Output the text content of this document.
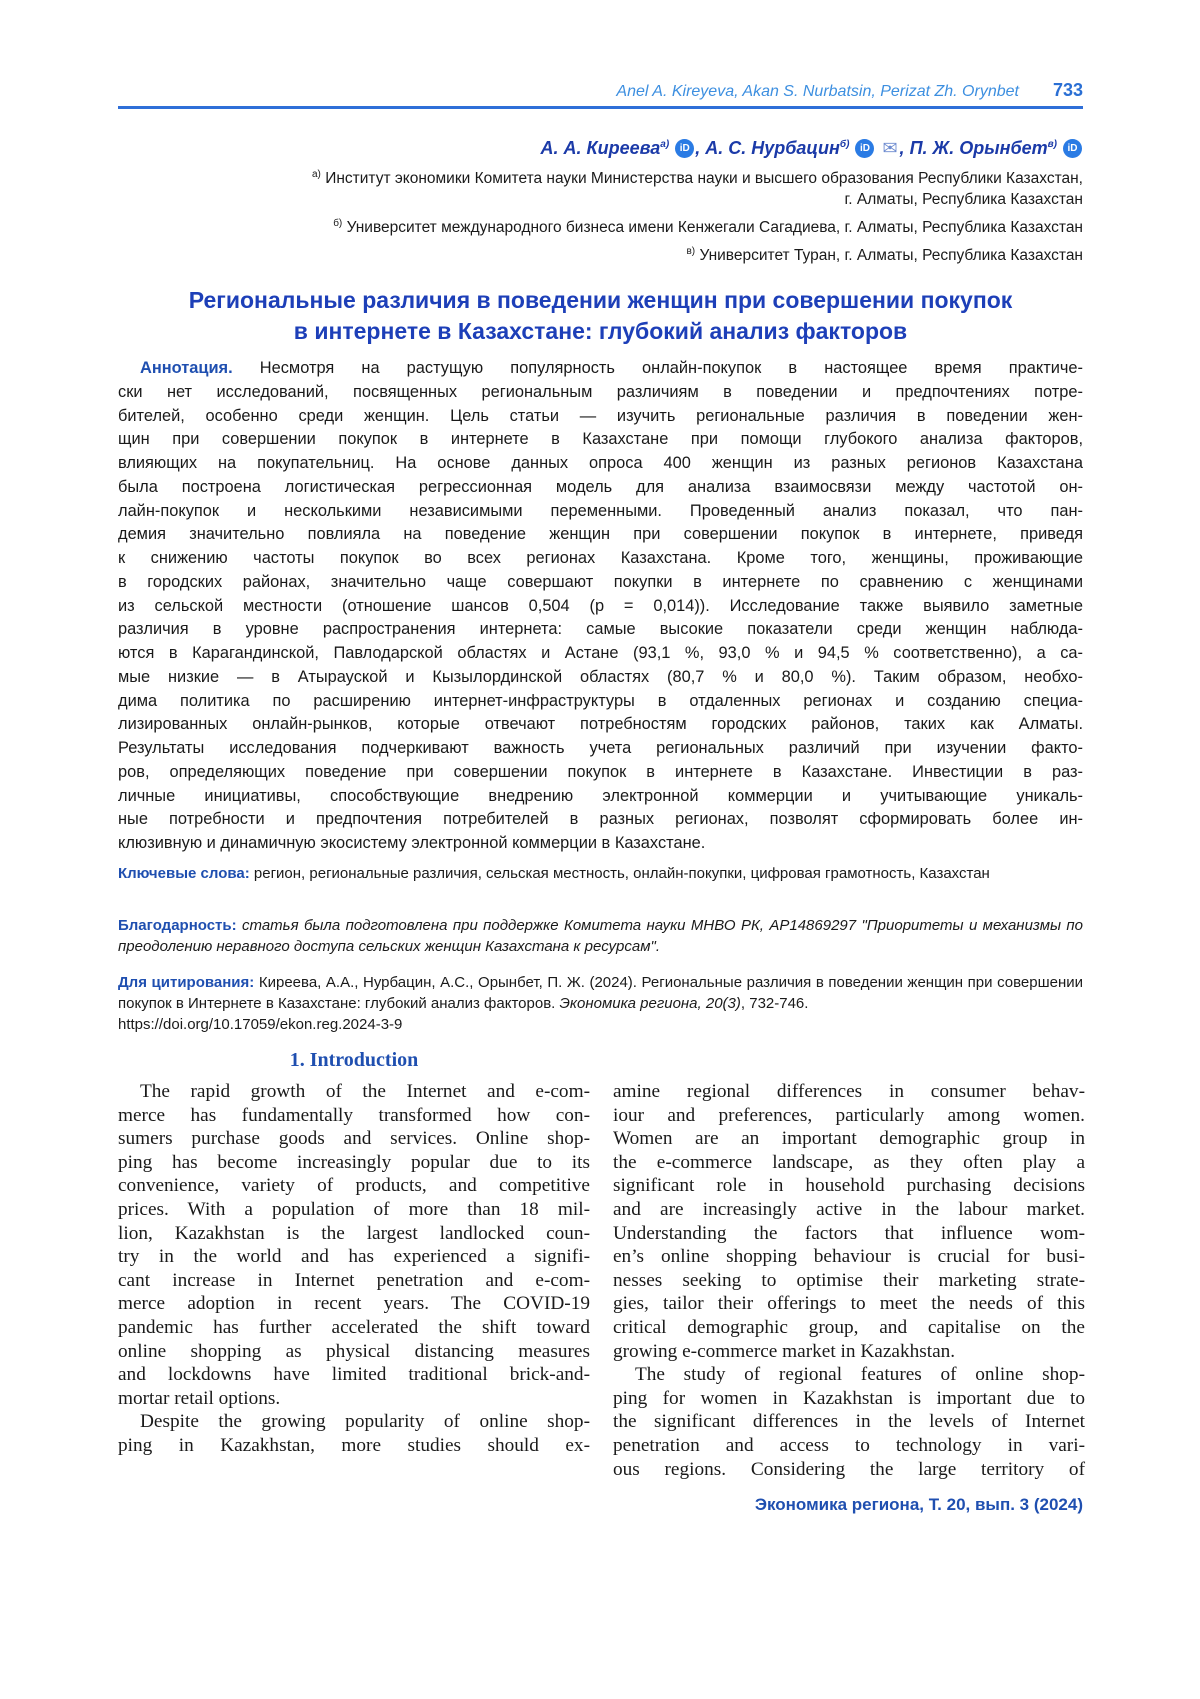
Anel A. Kireyeva, Akan S. Nurbatsin, Perizat Zh. Orynbet 733
А. А. Кирееваа) iD , А. С. Нурбацинб) iD ✉ , П. Ж. Орынбетв) iD
а) Институт экономики Комитета науки Министерства науки и высшего образования Республики Казахстан,
г. Алматы, Республика Казахстан
б) Университет международного бизнеса имени Кенжегали Сагадиева, г. Алматы, Республика Казахстан
в) Университет Туран, г. Алматы, Республика Казахстан
Региональные различия в поведении женщин при совершении покупок
в интернете в Казахстане: глубокий анализ факторов
Аннотация. Несмотря на растущую популярность онлайн-покупок в настоящее время практиче-
ски нет исследований, посвященных региональным различиям в поведении и предпочтениях потре-
бителей, особенно среди женщин. Цель статьи — изучить региональные различия в поведении жен-
щин при совершении покупок в интернете в Казахстане при помощи глубокого анализа факторов,
влияющих на покупательниц. На основе данных опроса 400 женщин из разных регионов Казахстана
была построена логистическая регрессионная модель для анализа взаимосвязи между частотой он-
лайн-покупок и несколькими независимыми переменными. Проведенный анализ показал, что пан-
демия значительно повлияла на поведение женщин при совершении покупок в интернете, приведя
к снижению частоты покупок во всех регионах Казахстана. Кроме того, женщины, проживающие
в городских районах, значительно чаще совершают покупки в интернете по сравнению с женщинами
из сельской местности (отношение шансов 0,504 (p = 0,014)). Исследование также выявило заметные
различия в уровне распространения интернета: самые высокие показатели среди женщин наблюда-
ются в Карагандинской, Павлодарской областях и Астане (93,1 %, 93,0 % и 94,5 % соответственно), а са-
мые низкие — в Атырауской и Кызылординской областях (80,7 % и 80,0 %). Таким образом, необхо-
дима политика по расширению интернет-инфраструктуры в отдаленных регионах и созданию специа-
лизированных онлайн-рынков, которые отвечают потребностям городских районов, таких как Алматы.
Результаты исследования подчеркивают важность учета региональных различий при изучении факто-
ров, определяющих поведение при совершении покупок в интернете в Казахстане. Инвестиции в раз-
личные инициативы, способствующие внедрению электронной коммерции и учитывающие уникаль-
ные потребности и предпочтения потребителей в разных регионах, позволят сформировать более ин-
клюзивную и динамичную экосистему электронной коммерции в Казахстане.
Ключевые слова: регион, региональные различия, сельская местность, онлайн-покупки, цифровая грамотность, Казахстан
Благодарность: статья была подготовлена при поддержке Комитета науки МНВО РК, AP14869297 "Приоритеты и механизмы по преодолению неравного доступа сельских женщин Казахстана к ресурсам".
Для цитирования: Киреева, А.А., Нурбацин, А.С., Орынбет, П. Ж. (2024). Региональные различия в поведении женщин при совершении покупок в Интернете в Казахстане: глубокий анализ факторов. Экономика региона, 20(3), 732-746.
https://doi.org/10.17059/ekon.reg.2024-3-9
1. Introduction
The rapid growth of the Internet and e-com-
merce has fundamentally transformed how con-
sumers purchase goods and services. Online shop-
ping has become increasingly popular due to its
convenience, variety of products, and competitive
prices. With a population of more than 18 mil-
lion, Kazakhstan is the largest landlocked coun-
try in the world and has experienced a signifi-
cant increase in Internet penetration and e-com-
merce adoption in recent years. The COVID-19
pandemic has further accelerated the shift toward
online shopping as physical distancing measures
and lockdowns have limited traditional brick-and-
mortar retail options.
Despite the growing popularity of online shop-
ping in Kazakhstan, more studies should ex-
amine regional differences in consumer behav-
iour and preferences, particularly among women.
Women are an important demographic group in
the e-commerce landscape, as they often play a
significant role in household purchasing decisions
and are increasingly active in the labour market.
Understanding the factors that influence wom-
en’s online shopping behaviour is crucial for busi-
nesses seeking to optimise their marketing strate-
gies, tailor their offerings to meet the needs of this
critical demographic group, and capitalise on the
growing e-commerce market in Kazakhstan.
The study of regional features of online shop-
ping for women in Kazakhstan is important due to
the significant differences in the levels of Internet
penetration and access to technology in vari-
ous regions. Considering the large territory of
Экономика региона, Т. 20, вып. 3 (2024)
